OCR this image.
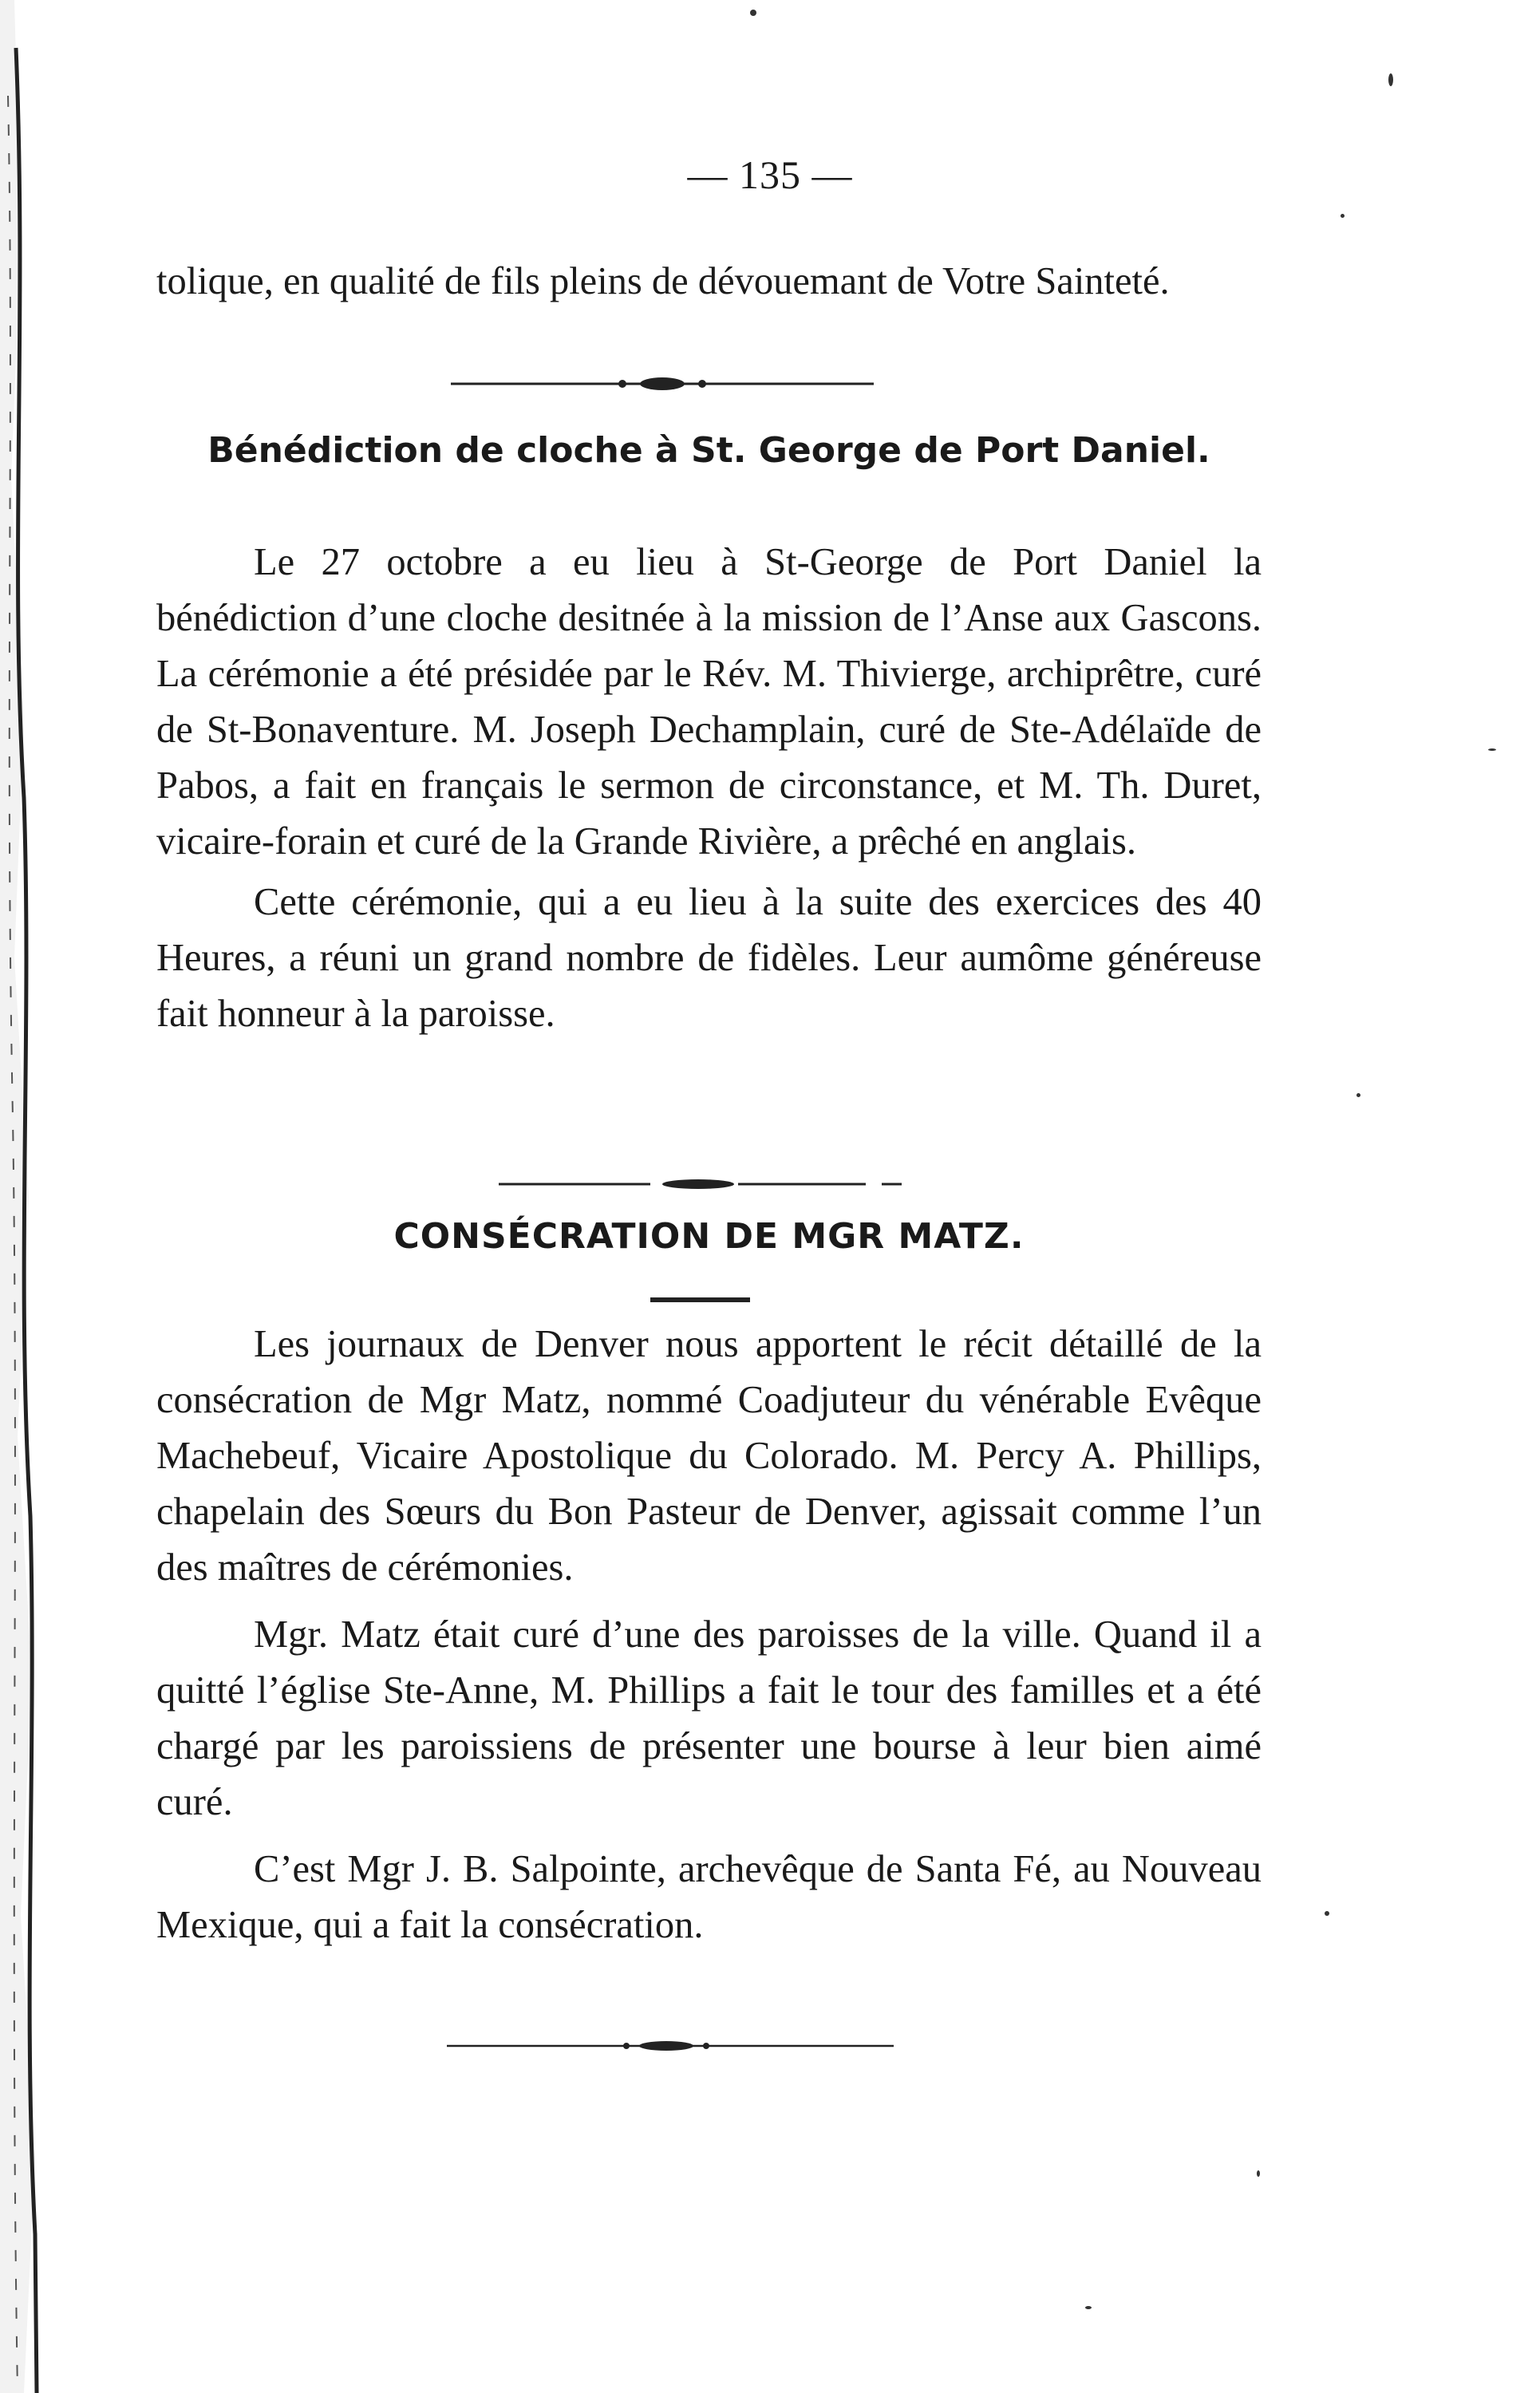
— 135 —

tolique, en qualité de fils pleins de dévouemant de Votre Sainteté.

Bénédiction de cloche à St. George de Port Daniel.

Le 27 octobre a eu lieu à St-George de Port Daniel la bénédiction d’une cloche desitnée à la mission de l’Anse aux Gascons. La cérémonie a été présidée par le Rév. M. Thivierge, archiprêtre, curé de St-Bonaventure. M. Joseph Dechamplain, curé de Ste-Adélaïde de Pabos, a fait en français le sermon de circonstance, et M. Th. Duret, vicaire-forain et curé de la Grande Rivière, a prêché en anglais.

Cette cérémonie, qui a eu lieu à la suite des exercices des 40 Heures, a réuni un grand nombre de fidèles. Leur aumôme généreuse fait honneur à la paroisse.

CONSÉCRATION DE MGR MATZ.

Les journaux de Denver nous apportent le récit détaillé de la consécration de Mgr Matz, nommé Coadjuteur du vénérable Evêque Machebeuf, Vicaire Apostolique du Colorado. M. Percy A. Phillips, chapelain des Sœurs du Bon Pasteur de Denver, agissait comme l’un des maîtres de cérémonies.

Mgr. Matz était curé d’une des paroisses de la ville. Quand il a quitté l’église Ste-Anne, M. Phillips a fait le tour des familles et a été chargé par les paroissiens de présenter une bourse à leur bien aimé curé.

C’est Mgr J. B. Salpointe, archevêque de Santa Fé, au Nouveau Mexique, qui a fait la consécration.
